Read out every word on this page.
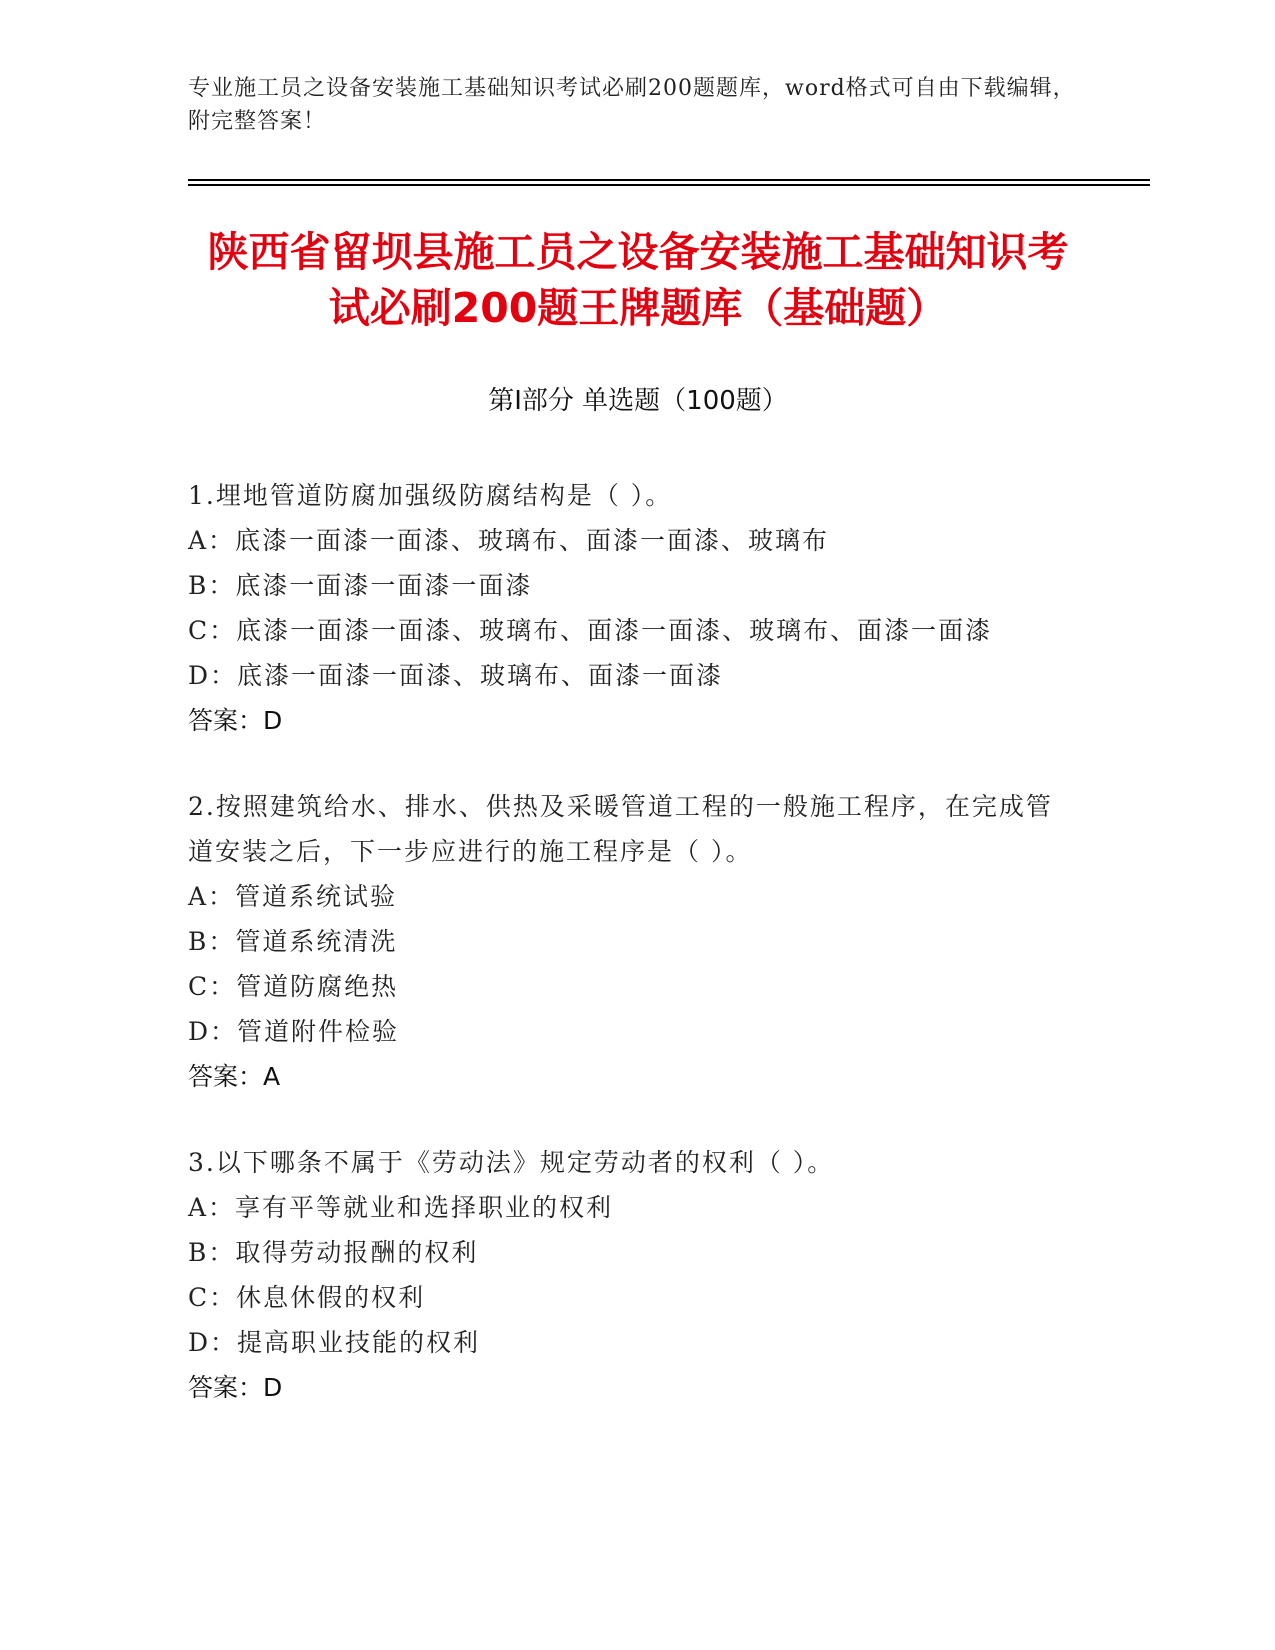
专业施工员之设备安装施工基础知识考试必刷200题题库，word格式可自由下载编辑，附完整答案！
陕西省留坝县施工员之设备安装施工基础知识考试必刷200题王牌题库（基础题）
第Ⅰ部分 单选题（100题）
1.埋地管道防腐加强级防腐结构是（ ）。
A：底漆一面漆一面漆、玻璃布、面漆一面漆、玻璃布
B：底漆一面漆一面漆一面漆
C：底漆一面漆一面漆、玻璃布、面漆一面漆、玻璃布、面漆一面漆
D：底漆一面漆一面漆、玻璃布、面漆一面漆
答案：D
2.按照建筑给水、排水、供热及采暖管道工程的一般施工程序，在完成管道安装之后，下一步应进行的施工程序是（ ）。
A：管道系统试验
B：管道系统清洗
C：管道防腐绝热
D：管道附件检验
答案：A
3.以下哪条不属于《劳动法》规定劳动者的权利（ ）。
A：享有平等就业和选择职业的权利
B：取得劳动报酬的权利
C：休息休假的权利
D：提高职业技能的权利
答案：D
